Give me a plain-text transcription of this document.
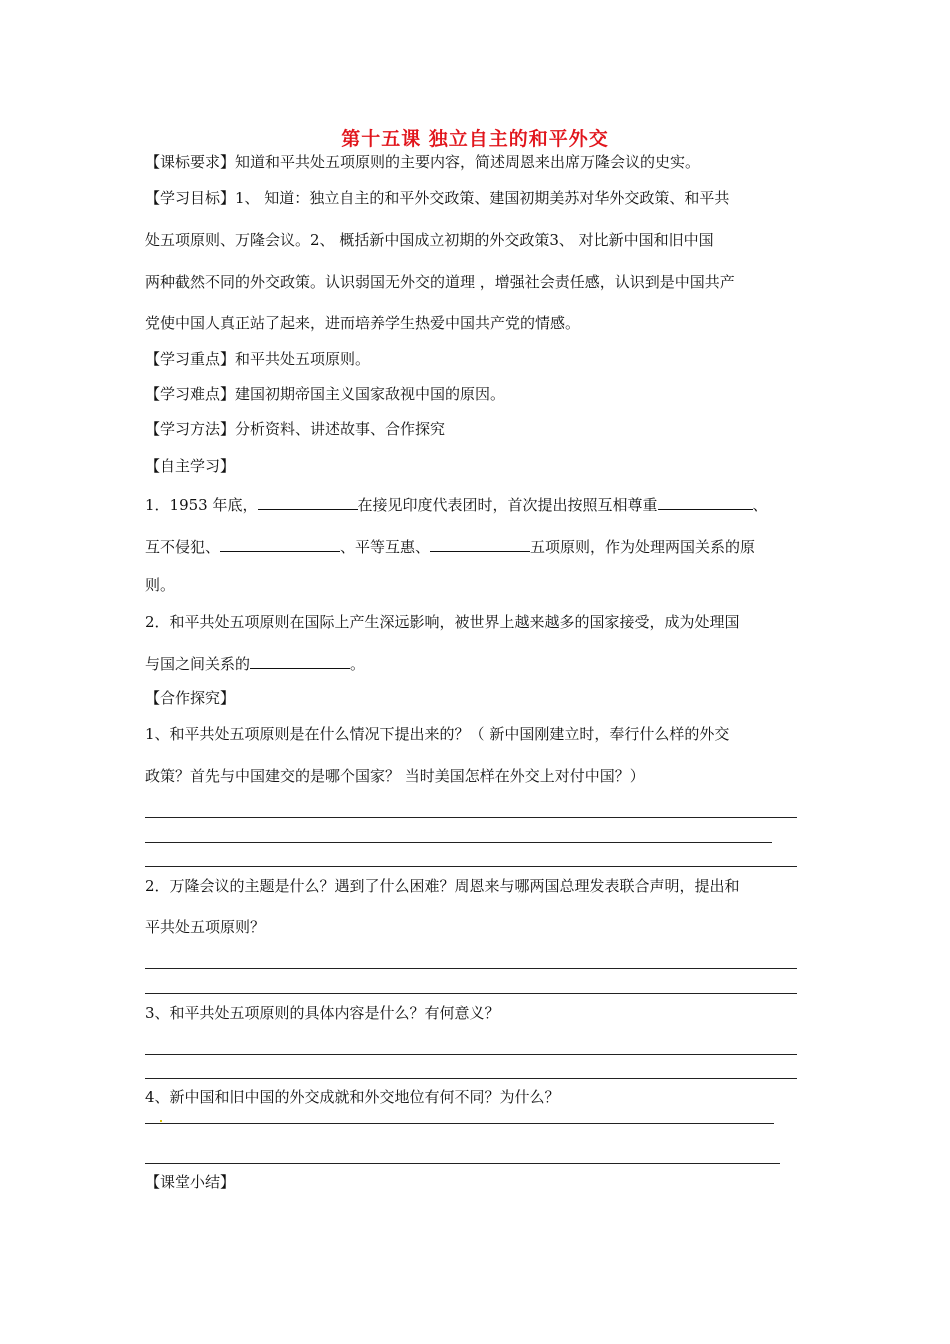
第十五课 独立自主的和平外交
【课标要求】知道和平共处五项原则的主要内容，简述周恩来出席万隆会议的史实。
【学习目标】1、 知道：独立自主的和平外交政策、建国初期美苏对华外交政策、和平共
处五项原则、万隆会议。2、 概括新中国成立初期的外交政策3、 对比新中国和旧中国
两种截然不同的外交政策。认识弱国无外交的道理 ，增强社会责任感，认识到是中国共产
党使中国人真正站了起来，进而培养学生热爱中国共产党的情感。
【学习重点】和平共处五项原则。
【学习难点】建国初期帝国主义国家敌视中国的原因。
【学习方法】分析资料、讲述故事、合作探究
【自主学习】
1．1953 年底，	在接见印度代表团时，首次提出按照互相尊重	、
互不侵犯、	、平等互惠、	五项原则，作为处理两国关系的原
则。
2．和平共处五项原则在国际上产生深远影响，被世界上越来越多的国家接受，成为处理国
与国之间关系的	。
【合作探究】
1、和平共处五项原则是在什么情况下提出来的？（ 新中国刚建立时，奉行什么样的外交
政策？首先与中国建交的是哪个国家？ 当时美国怎样在外交上对付中国？）
2．万隆会议的主题是什么？遇到了什么困难？周恩来与哪两国总理发表联合声明，提出和
平共处五项原则？
3、和平共处五项原则的具体内容是什么？有何意义？
4、新中国和旧中国的外交成就和外交地位有何不同？为什么？
【课堂小结】
